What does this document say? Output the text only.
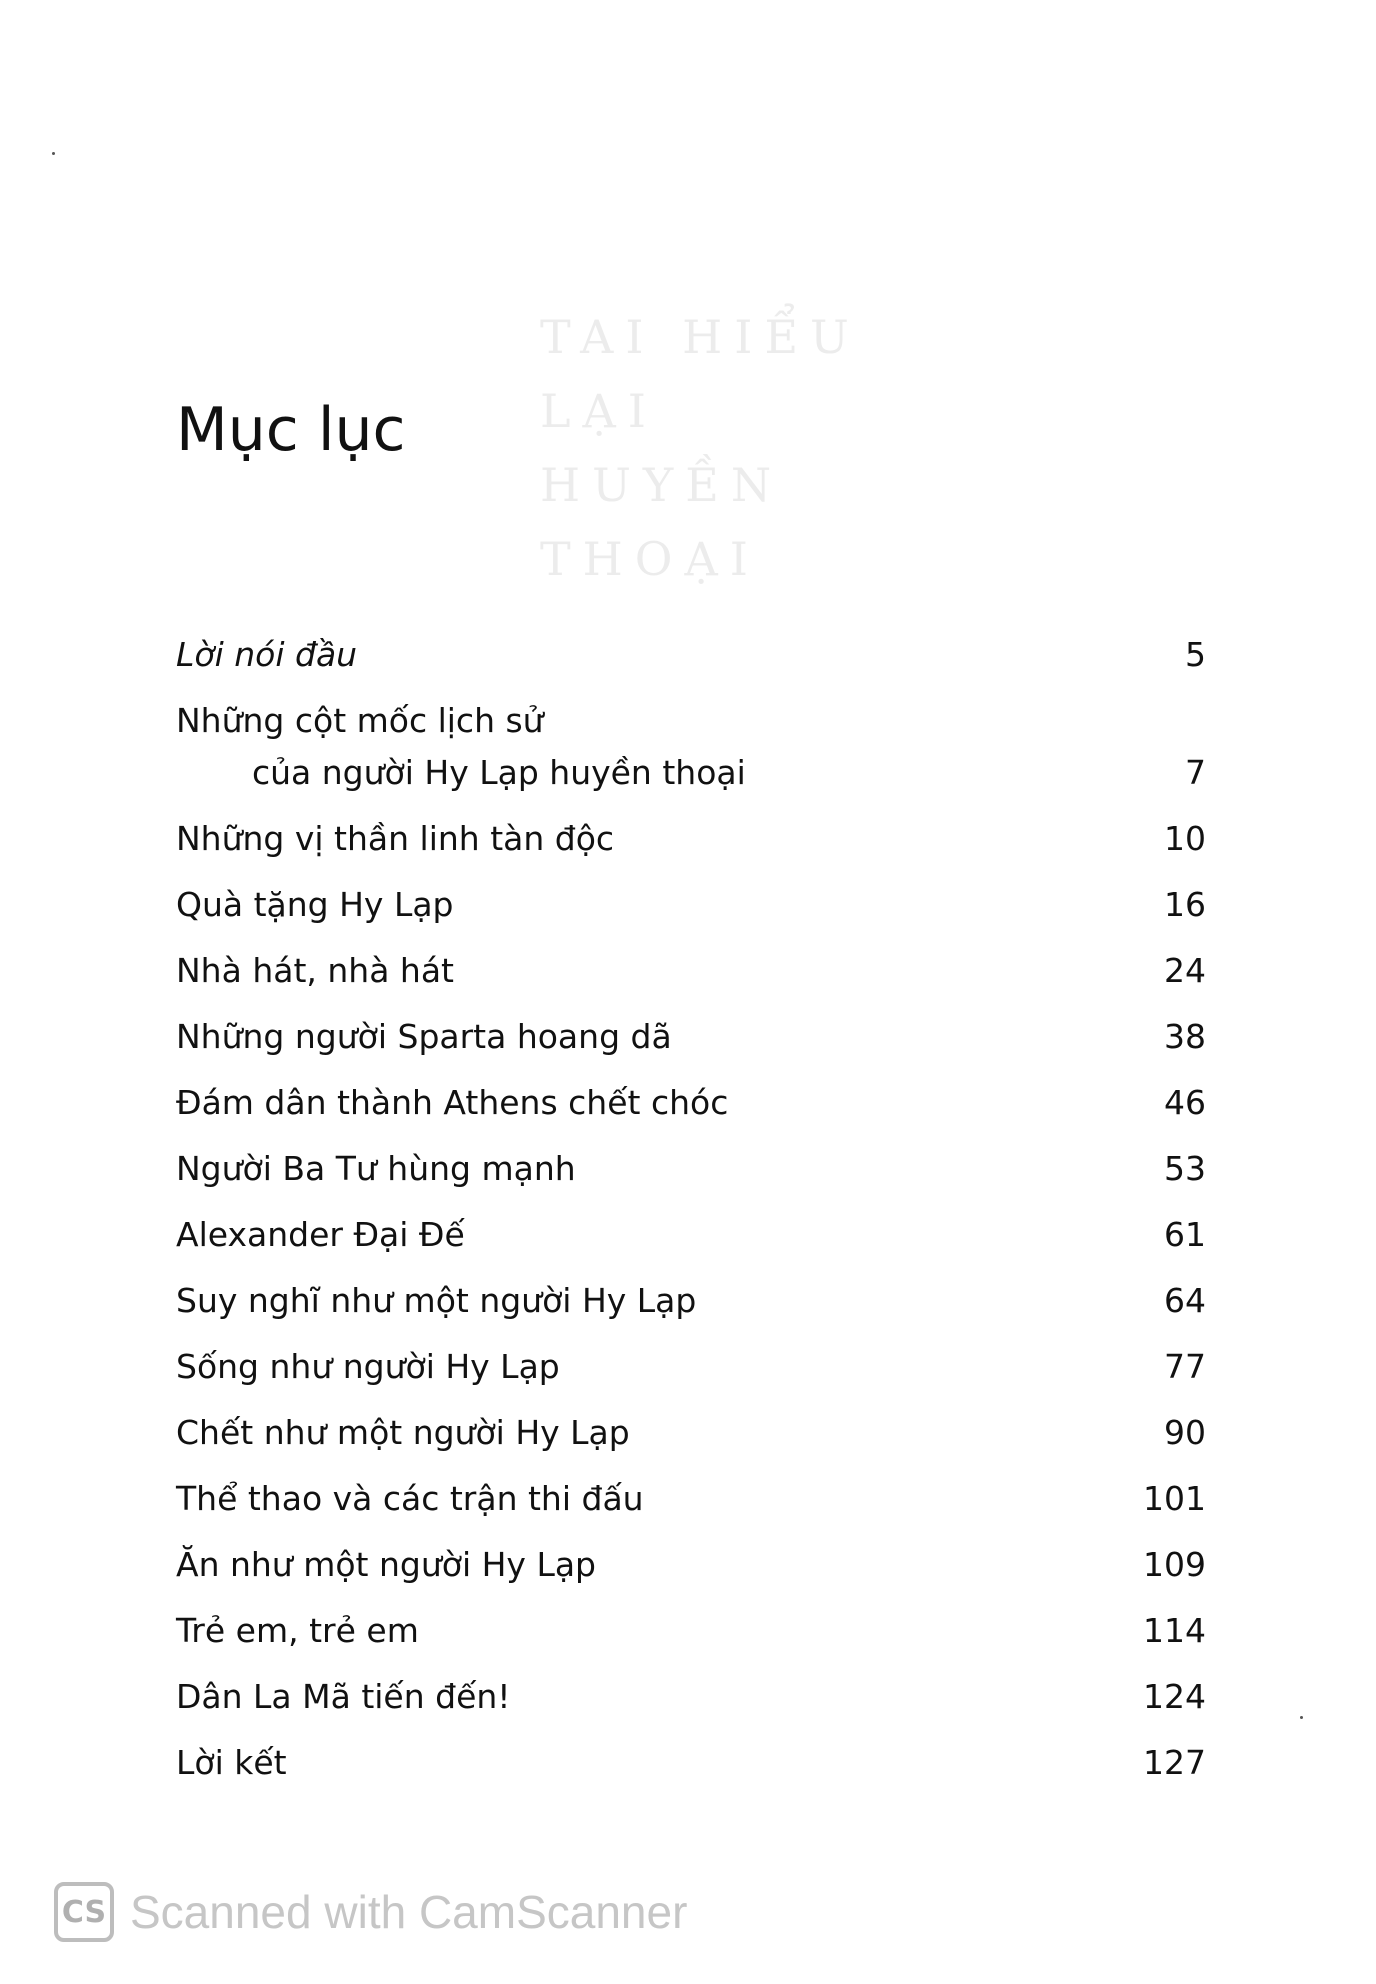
TAI HIỂU LẠI
HUYỀN THOẠI
Mục lục
Lời nói đầu	5
Những cột mốc lịch sử
của người Hy Lạp huyền thoại	7
Những vị thần linh tàn độc	10
Quà tặng Hy Lạp	16
Nhà hát, nhà hát	24
Những người Sparta hoang dã	38
Đám dân thành Athens chết chóc	46
Người Ba Tư hùng mạnh	53
Alexander Đại Đế	61
Suy nghĩ như một người Hy Lạp	64
Sống như người Hy Lạp	77
Chết như một người Hy Lạp	90
Thể thao và các trận thi đấu	101
Ăn như một người Hy Lạp	109
Trẻ em, trẻ em	114
Dân La Mã tiến đến!	124
Lời kết	127
CS Scanned with CamScanner
